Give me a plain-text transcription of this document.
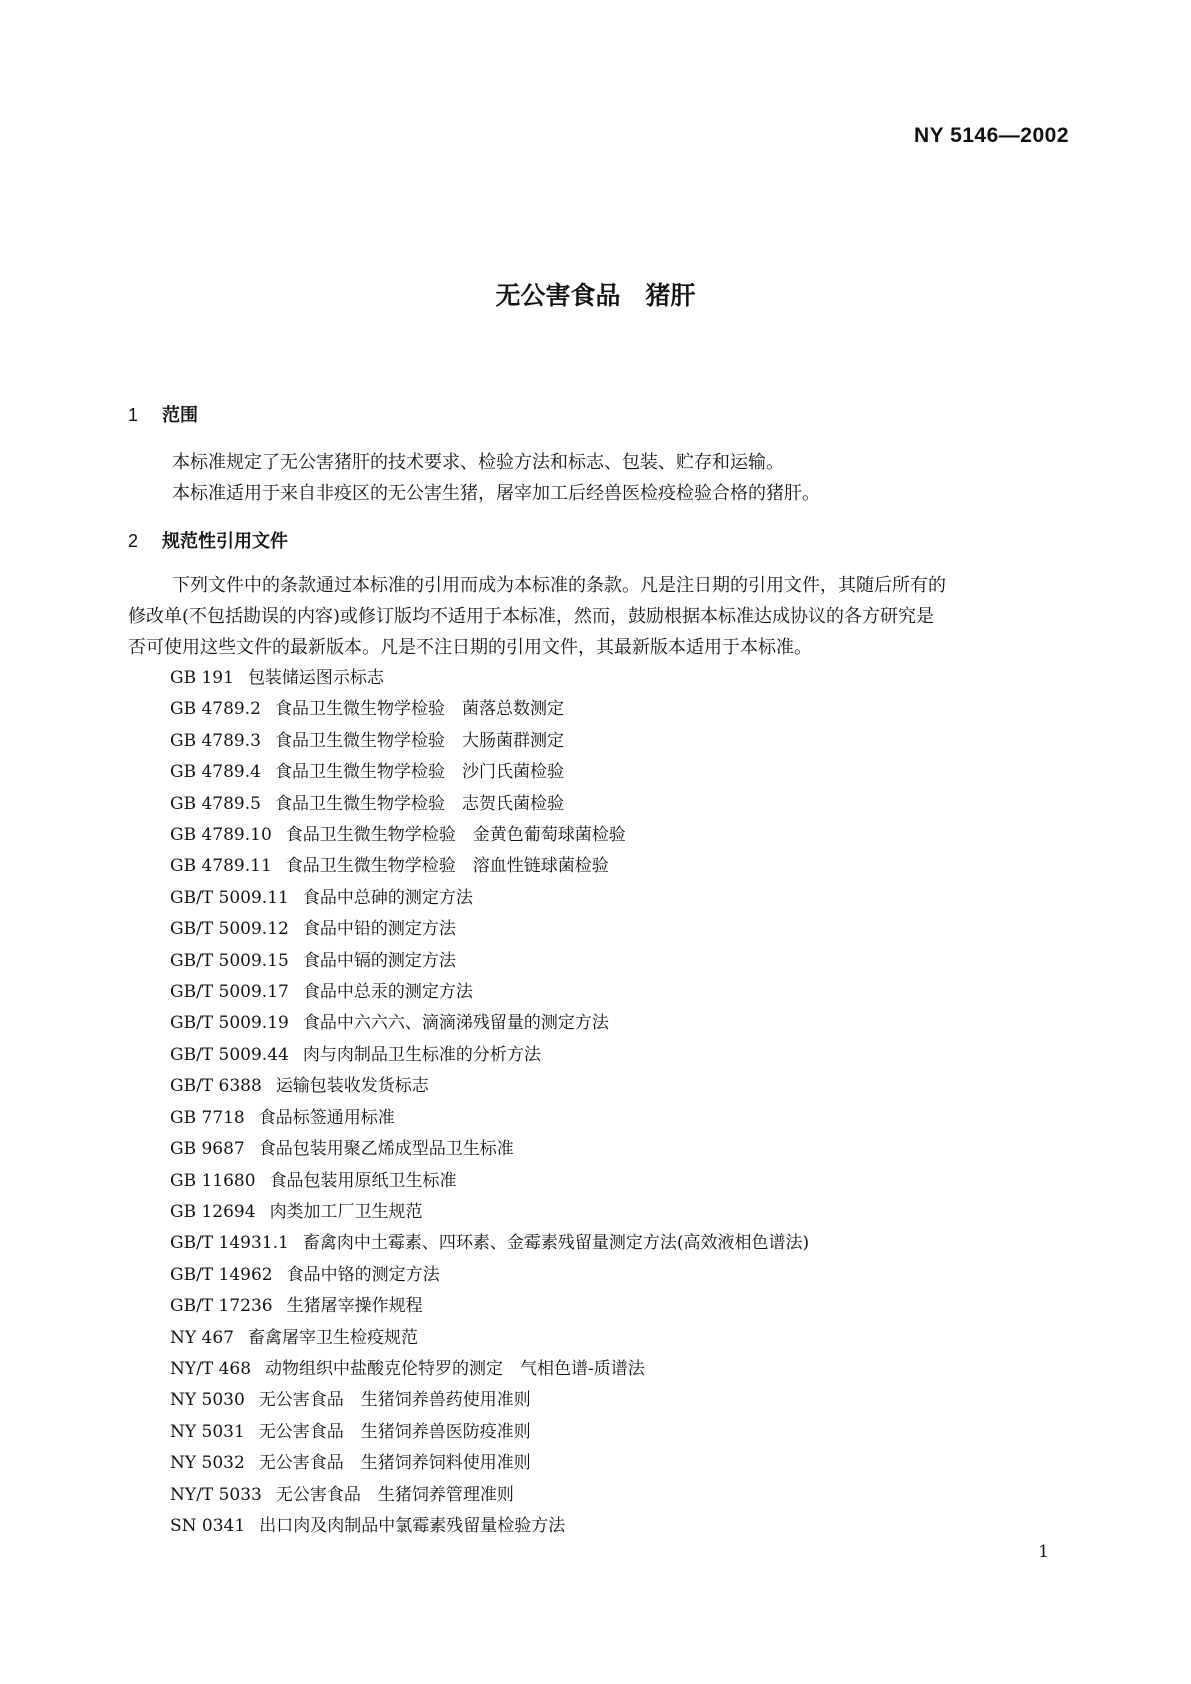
NY 5146—2002
无公害食品　猪肝
1 范围
本标准规定了无公害猪肝的技术要求、检验方法和标志、包装、贮存和运输。
本标准适用于来自非疫区的无公害生猪，屠宰加工后经兽医检疫检验合格的猪肝。
2 规范性引用文件
下列文件中的条款通过本标准的引用而成为本标准的条款。凡是注日期的引用文件，其随后所有的
修改单(不包括勘误的内容)或修订版均不适用于本标准，然而，鼓励根据本标准达成协议的各方研究是
否可使用这些文件的最新版本。凡是不注日期的引用文件，其最新版本适用于本标准。
GB 191 包装储运图示标志
GB 4789.2 食品卫生微生物学检验　菌落总数测定
GB 4789.3 食品卫生微生物学检验　大肠菌群测定
GB 4789.4 食品卫生微生物学检验　沙门氏菌检验
GB 4789.5 食品卫生微生物学检验　志贺氏菌检验
GB 4789.10 食品卫生微生物学检验　金黄色葡萄球菌检验
GB 4789.11 食品卫生微生物学检验　溶血性链球菌检验
GB/T 5009.11 食品中总砷的测定方法
GB/T 5009.12 食品中铅的测定方法
GB/T 5009.15 食品中镉的测定方法
GB/T 5009.17 食品中总汞的测定方法
GB/T 5009.19 食品中六六六、滴滴涕残留量的测定方法
GB/T 5009.44 肉与肉制品卫生标准的分析方法
GB/T 6388 运输包装收发货标志
GB 7718 食品标签通用标准
GB 9687 食品包装用聚乙烯成型品卫生标准
GB 11680 食品包装用原纸卫生标准
GB 12694 肉类加工厂卫生规范
GB/T 14931.1 畜禽肉中土霉素、四环素、金霉素残留量测定方法(高效液相色谱法)
GB/T 14962 食品中铬的测定方法
GB/T 17236 生猪屠宰操作规程
NY 467 畜禽屠宰卫生检疫规范
NY/T 468 动物组织中盐酸克伦特罗的测定　气相色谱-质谱法
NY 5030 无公害食品　生猪饲养兽药使用准则
NY 5031 无公害食品　生猪饲养兽医防疫准则
NY 5032 无公害食品　生猪饲养饲料使用准则
NY/T 5033 无公害食品　生猪饲养管理准则
SN 0341 出口肉及肉制品中氯霉素残留量检验方法
1
